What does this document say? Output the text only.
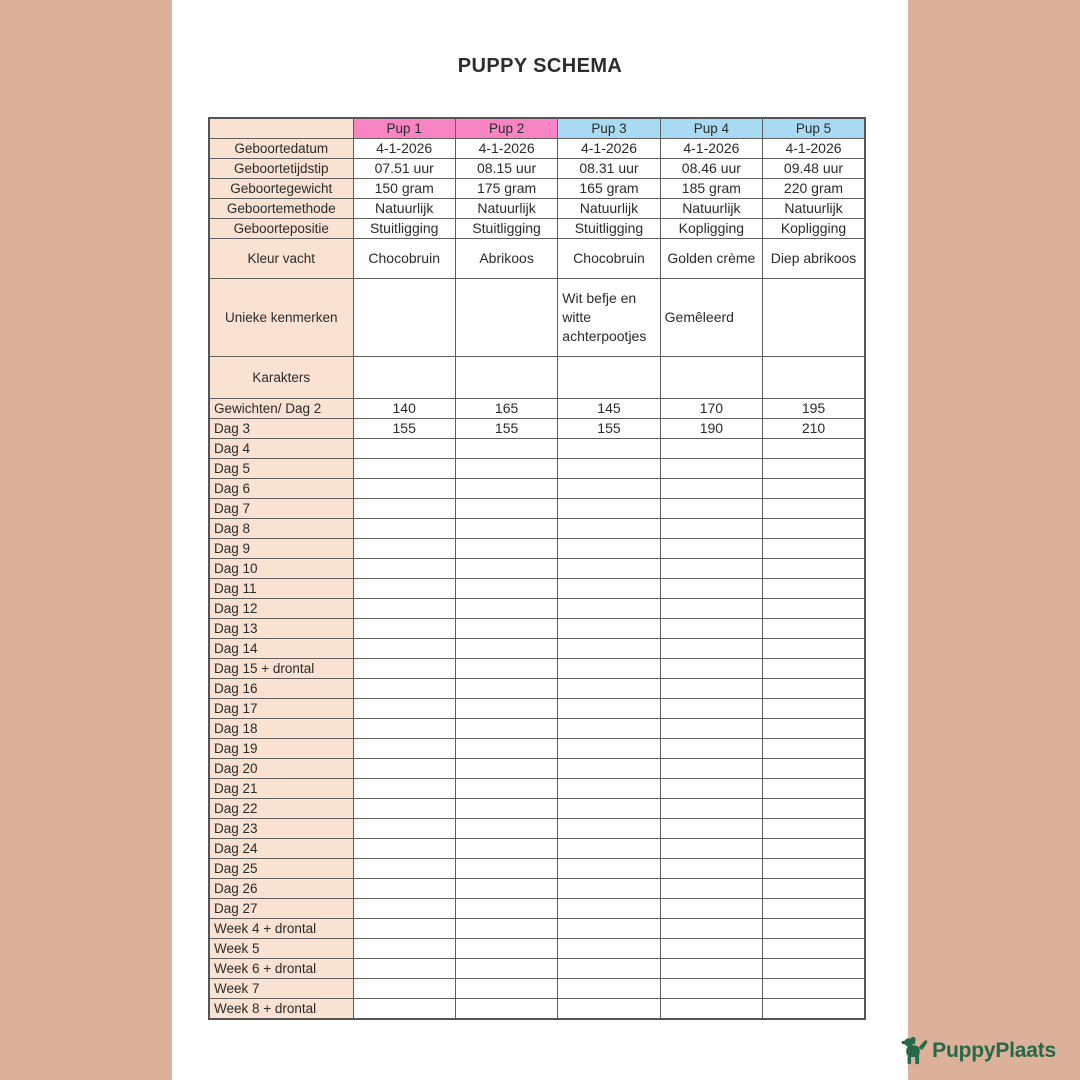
PUPPY SCHEMA
	Pup 1	Pup 2	Pup 3	Pup 4	Pup 5
Geboortedatum	4-1-2026	4-1-2026	4-1-2026	4-1-2026	4-1-2026
Geboortetijdstip	07.51 uur	08.15 uur	08.31 uur	08.46 uur	09.48 uur
Geboortegewicht	150 gram	175 gram	165 gram	185 gram	220 gram
Geboortemethode	Natuurlijk	Natuurlijk	Natuurlijk	Natuurlijk	Natuurlijk
Geboortepositie	Stuitligging	Stuitligging	Stuitligging	Kopligging	Kopligging
Kleur vacht	Chocobruin	Abrikoos	Chocobruin	Golden crème	Diep abrikoos
Unieke kenmerken			Wit befje en witte achterpootjes	Gemêleerd	
Karakters					
Gewichten/ Dag 2	140	165	145	170	195
Dag 3	155	155	155	190	210
Dag 4					
Dag 5					
Dag 6					
Dag 7					
Dag 8					
Dag 9					
Dag 10					
Dag 11					
Dag 12					
Dag 13					
Dag 14					
Dag 15 + drontal					
Dag 16					
Dag 17					
Dag 18					
Dag 19					
Dag 20					
Dag 21					
Dag 22					
Dag 23					
Dag 24					
Dag 25					
Dag 26					
Dag 27					
Week 4 + drontal					
Week 5					
Week 6 + drontal					
Week 7					
Week 8 + drontal					
PuppyPlaats
